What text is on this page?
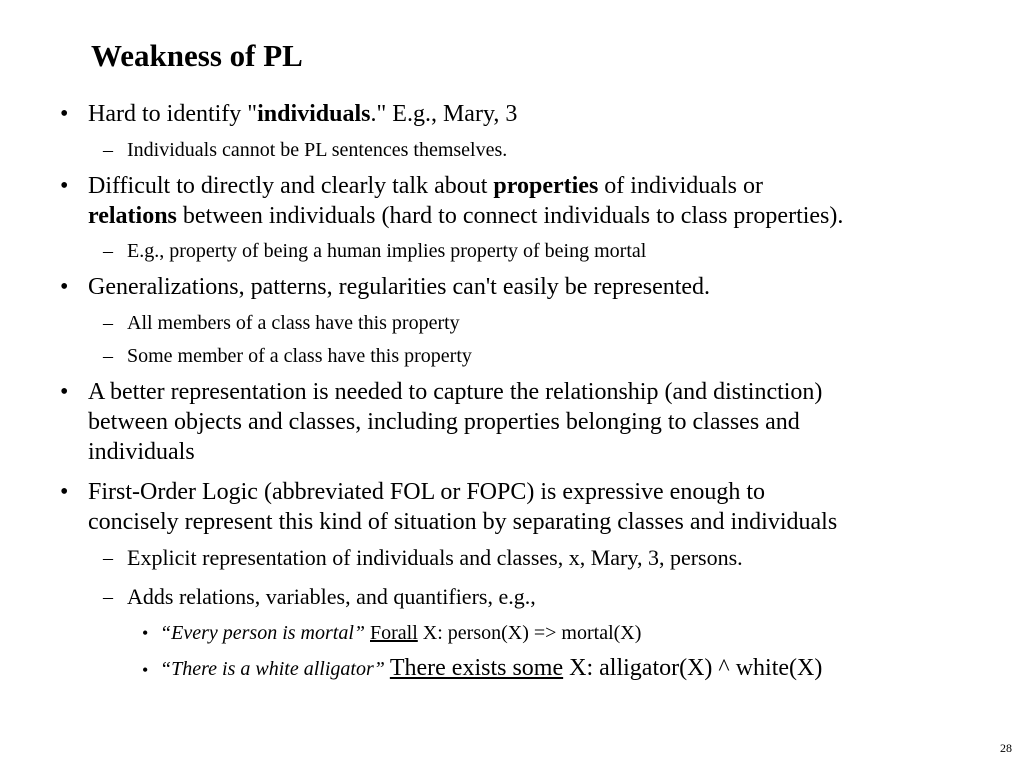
Weakness of PL
• Hard to identify "individuals." E.g., Mary, 3
– Individuals cannot be PL sentences themselves.
• Difficult to directly and clearly talk about properties of individuals or
relations between individuals (hard to connect individuals to class properties).
– E.g., property of being a human implies property of being mortal
• Generalizations, patterns, regularities can't easily be represented.
– All members of a class have this property
– Some member of a class have this property
• A better representation is needed to capture the relationship (and distinction)
between objects and classes, including properties belonging to classes and
individuals
• First-Order Logic (abbreviated FOL or FOPC) is expressive enough to
concisely represent this kind of situation by separating classes and individuals
– Explicit representation of individuals and classes, x, Mary, 3, persons.
– Adds relations, variables, and quantifiers, e.g.,
• “Every person is mortal” Forall X: person(X) => mortal(X)
• “There is a white alligator” There exists some X: alligator(X) ^ white(X)
28
